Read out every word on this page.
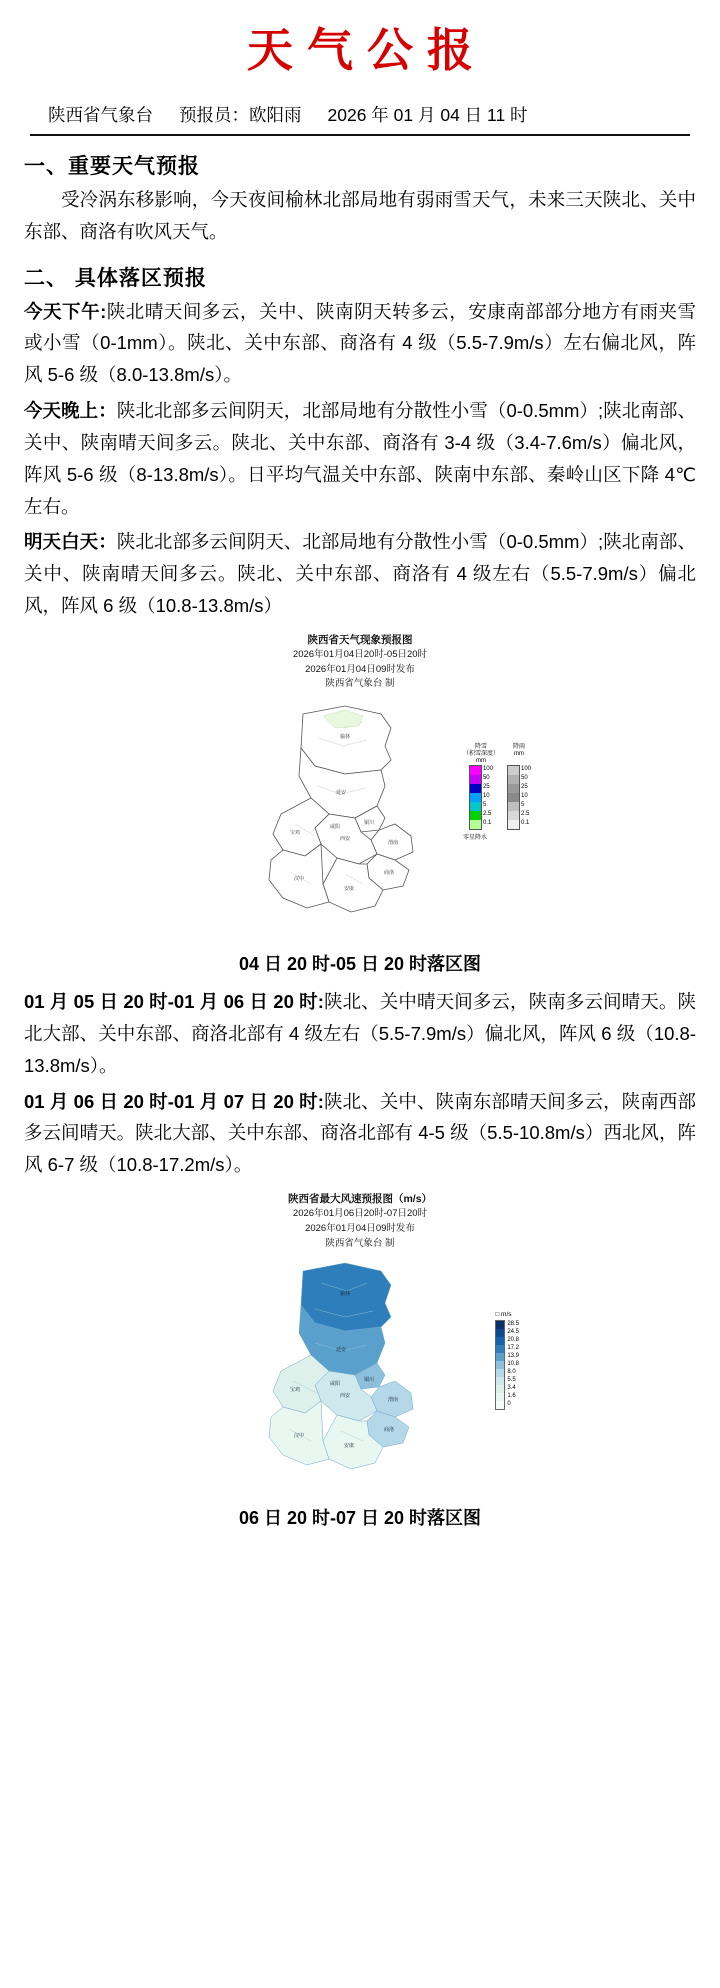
天气公报
陕西省气象台 预报员：欧阳雨 2026 年 01 月 04 日 11 时
一、重要天气预报
受冷涡东移影响，今天夜间榆林北部局地有弱雨雪天气，未来三天陕北、关中东部、商洛有吹风天气。
二、 具体落区预报
今天下午:陕北晴天间多云，关中、陕南阴天转多云，安康南部部分地方有雨夹雪或小雪（0-1mm）。陕北、关中东部、商洛有 4 级（5.5-7.9m/s）左右偏北风，阵风 5-6 级（8.0-13.8m/s）。
今天晚上：陕北北部多云间阴天，北部局地有分散性小雪（0-0.5mm）;陕北南部、关中、陕南晴天间多云。陕北、关中东部、商洛有 3-4 级（3.4-7.6m/s）偏北风，阵风 5-6 级（8-13.8m/s）。日平均气温关中东部、陕南中东部、秦岭山区下降 4℃左右。
明天白天：陕北北部多云间阴天、北部局地有分散性小雪（0-0.5mm）;陕北南部、关中、陕南晴天间多云。陕北、关中东部、商洛有 4 级左右（5.5-7.9m/s）偏北风，阵风 6 级（10.8-13.8m/s）
陕西省天气现象预报图
2026年01月04日20时-05日20时
2026年01月04日09时发布
陕西省气象台 制
榆林
延安
铜川
宝鸡
西安
渭南
汉中
安康
商洛
咸阳
降雪
（积雪深度）
mm
100
50
25
10
5
2.5
0.1
降雨
mm

100
50
25
10
5
2.5
0.1
零星降水
04 日 20 时-05 日 20 时落区图
01 月 05 日 20 时-01 月 06 日 20 时:陕北、关中晴天间多云，陕南多云间晴天。陕北大部、关中东部、商洛北部有 4 级左右（5.5-7.9m/s）偏北风，阵风 6 级（10.8-13.8m/s）。
01 月 06 日 20 时-01 月 07 日 20 时:陕北、关中、陕南东部晴天间多云，陕南西部多云间晴天。陕北大部、关中东部、商洛北部有 4-5 级（5.5-10.8m/s）西北风，阵风 6-7 级（10.8-17.2m/s）。
陕西省最大风速预报图（m/s）
2026年01月06日20时-07日20时
2026年01月04日09时发布
陕西省气象台 制
榆林
延安
铜川
宝鸡
西安
渭南
汉中
安康
商洛
咸阳
□ m/s
28.5
24.5
20.8
17.2
13.9
10.8
8.0
5.5
3.4
1.6
0
06 日 20 时-07 日 20 时落区图
